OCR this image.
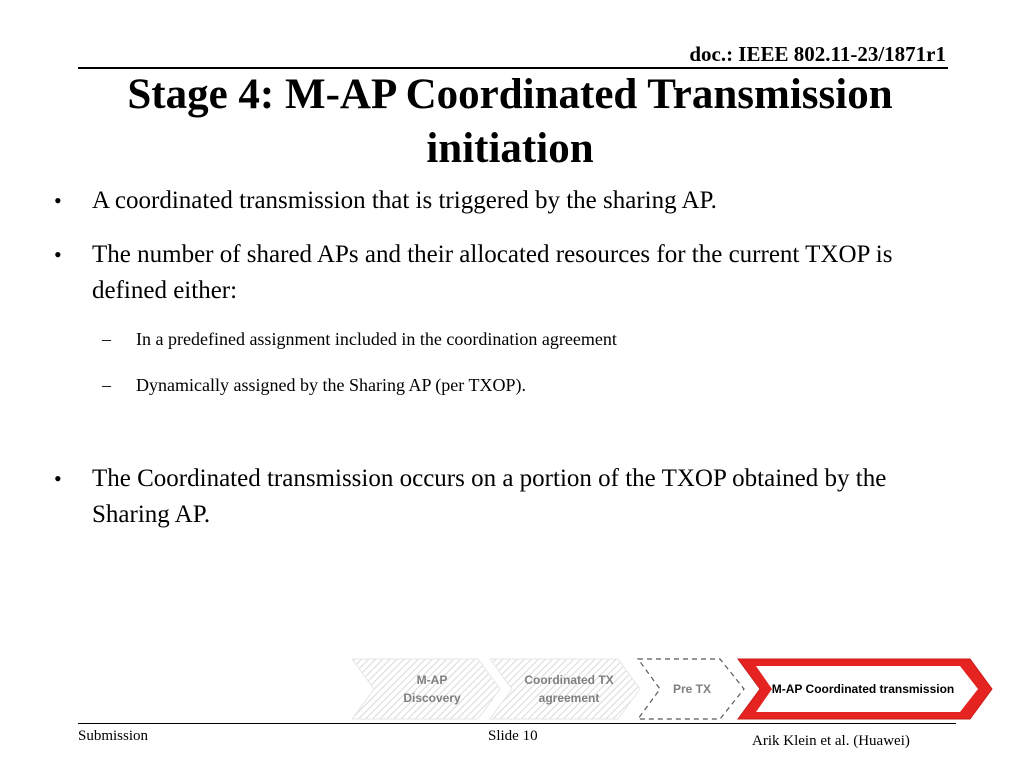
doc.: IEEE 802.11-23/1871r1
Stage 4: M-AP Coordinated Transmission
initiation
• A coordinated transmission that is triggered by the sharing AP.
• The number of shared APs and their allocated resources for the current TXOP is
defined either:
– In a predefined assignment included in the coordination agreement
– Dynamically assigned by the Sharing AP (per TXOP).
• The Coordinated transmission occurs on a portion of the TXOP obtained by the
Sharing AP.
M-AP
Discovery
Coordinated TX
agreement
Pre TX	M-AP Coordinated transmission
Submission	Slide 10	Arik Klein et al. (Huawei)
